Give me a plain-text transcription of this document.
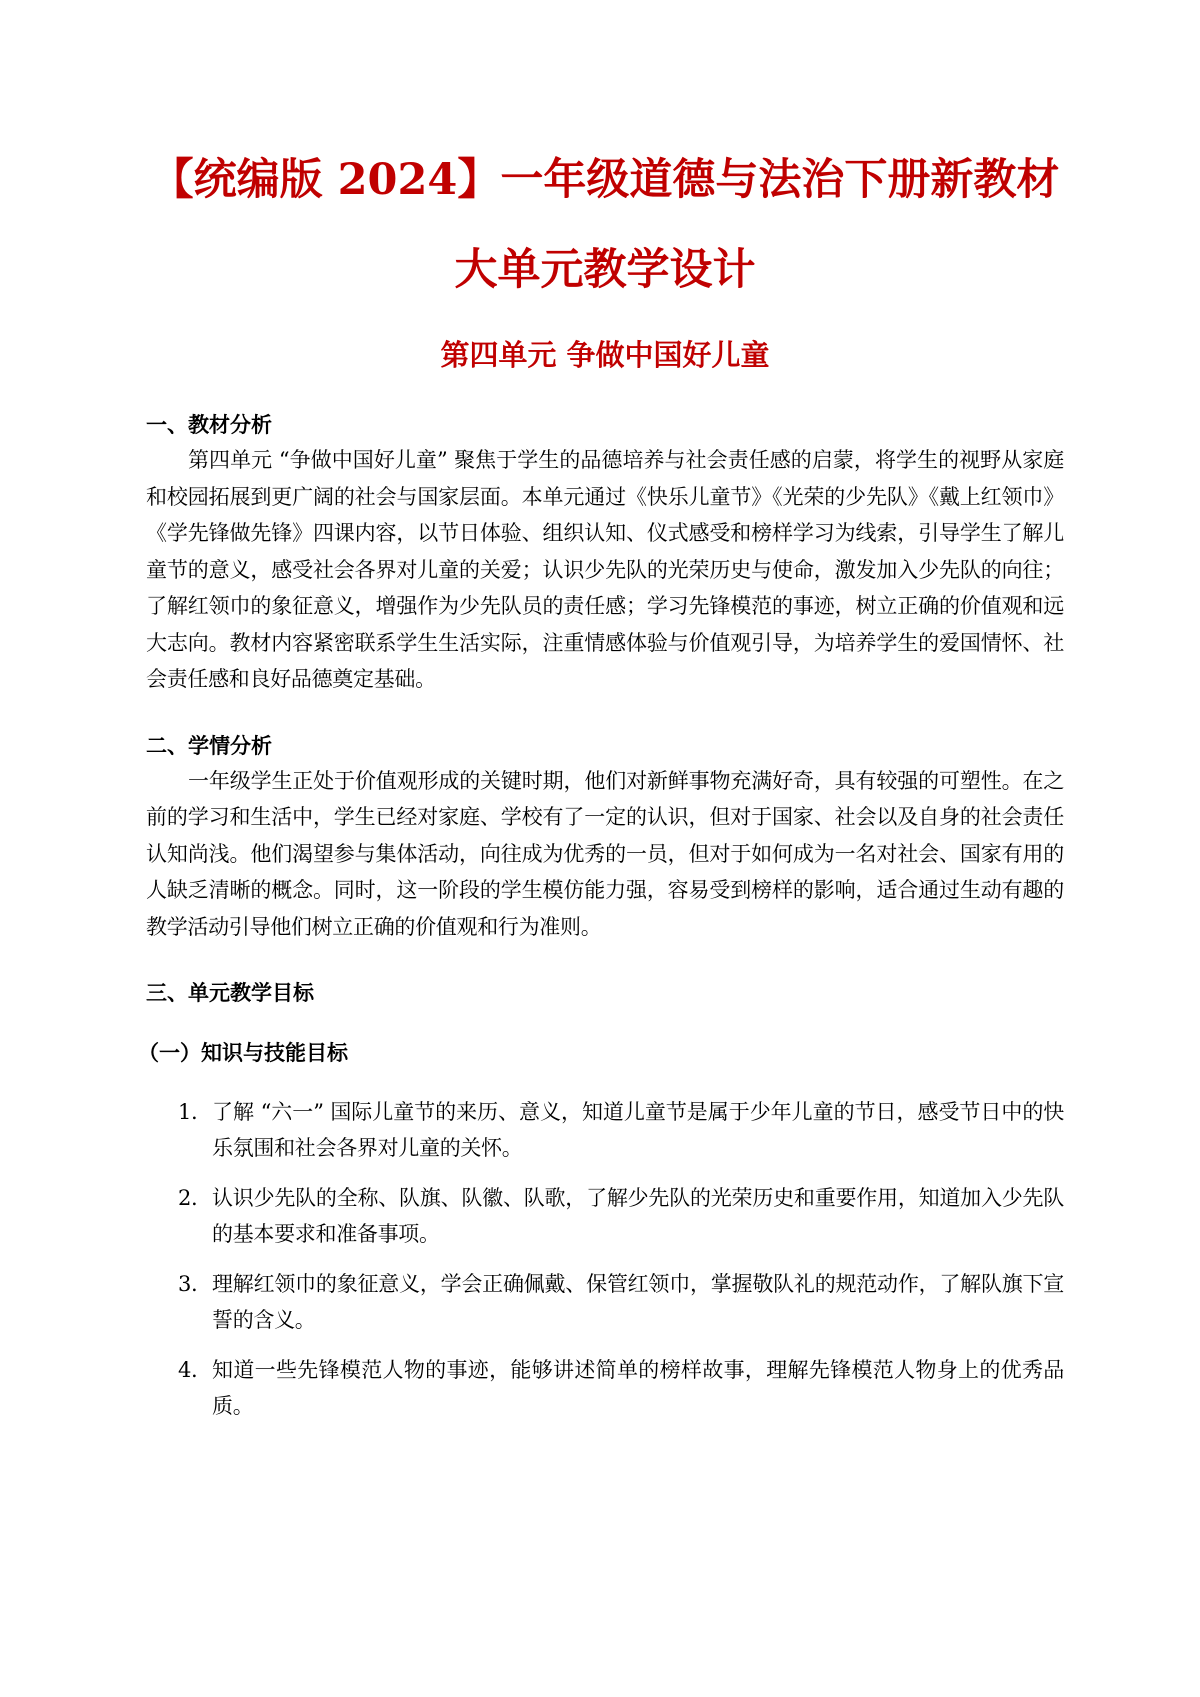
【统编版 2024】一年级道德与法治下册新教材
大单元教学设计
第四单元 争做中国好儿童
一、教材分析

第四单元 “争做中国好儿童” 聚焦于学生的品德培养与社会责任感的启蒙，将学生的视野从家庭和校园拓展到更广阔的社会与国家层面。本单元通过《快乐儿童节》《光荣的少先队》《戴上红领巾》《学先锋做先锋》四课内容，以节日体验、组织认知、仪式感受和榜样学习为线索，引导学生了解儿童节的意义，感受社会各界对儿童的关爱；认识少先队的光荣历史与使命，激发加入少先队的向往；了解红领巾的象征意义，增强作为少先队员的责任感；学习先锋模范的事迹，树立正确的价值观和远大志向。教材内容紧密联系学生生活实际，注重情感体验与价值观引导，为培养学生的爱国情怀、社会责任感和良好品德奠定基础。

二、学情分析

一年级学生正处于价值观形成的关键时期，他们对新鲜事物充满好奇，具有较强的可塑性。在之前的学习和生活中，学生已经对家庭、学校有了一定的认识，但对于国家、社会以及自身的社会责任认知尚浅。他们渴望参与集体活动，向往成为优秀的一员，但对于如何成为一名对社会、国家有用的人缺乏清晰的概念。同时，这一阶段的学生模仿能力强，容易受到榜样的影响，适合通过生动有趣的教学活动引导他们树立正确的价值观和行为准则。

三、单元教学目标
（一）知识与技能目标
1. 了解 “六一” 国际儿童节的来历、意义，知道儿童节是属于少年儿童的节日，感受节日中的快乐氛围和社会各界对儿童的关怀。
2. 认识少先队的全称、队旗、队徽、队歌，了解少先队的光荣历史和重要作用，知道加入少先队的基本要求和准备事项。
3. 理解红领巾的象征意义，学会正确佩戴、保管红领巾，掌握敬队礼的规范动作，了解队旗下宣誓的含义。
4. 知道一些先锋模范人物的事迹，能够讲述简单的榜样故事，理解先锋模范人物身上的优秀品质。
